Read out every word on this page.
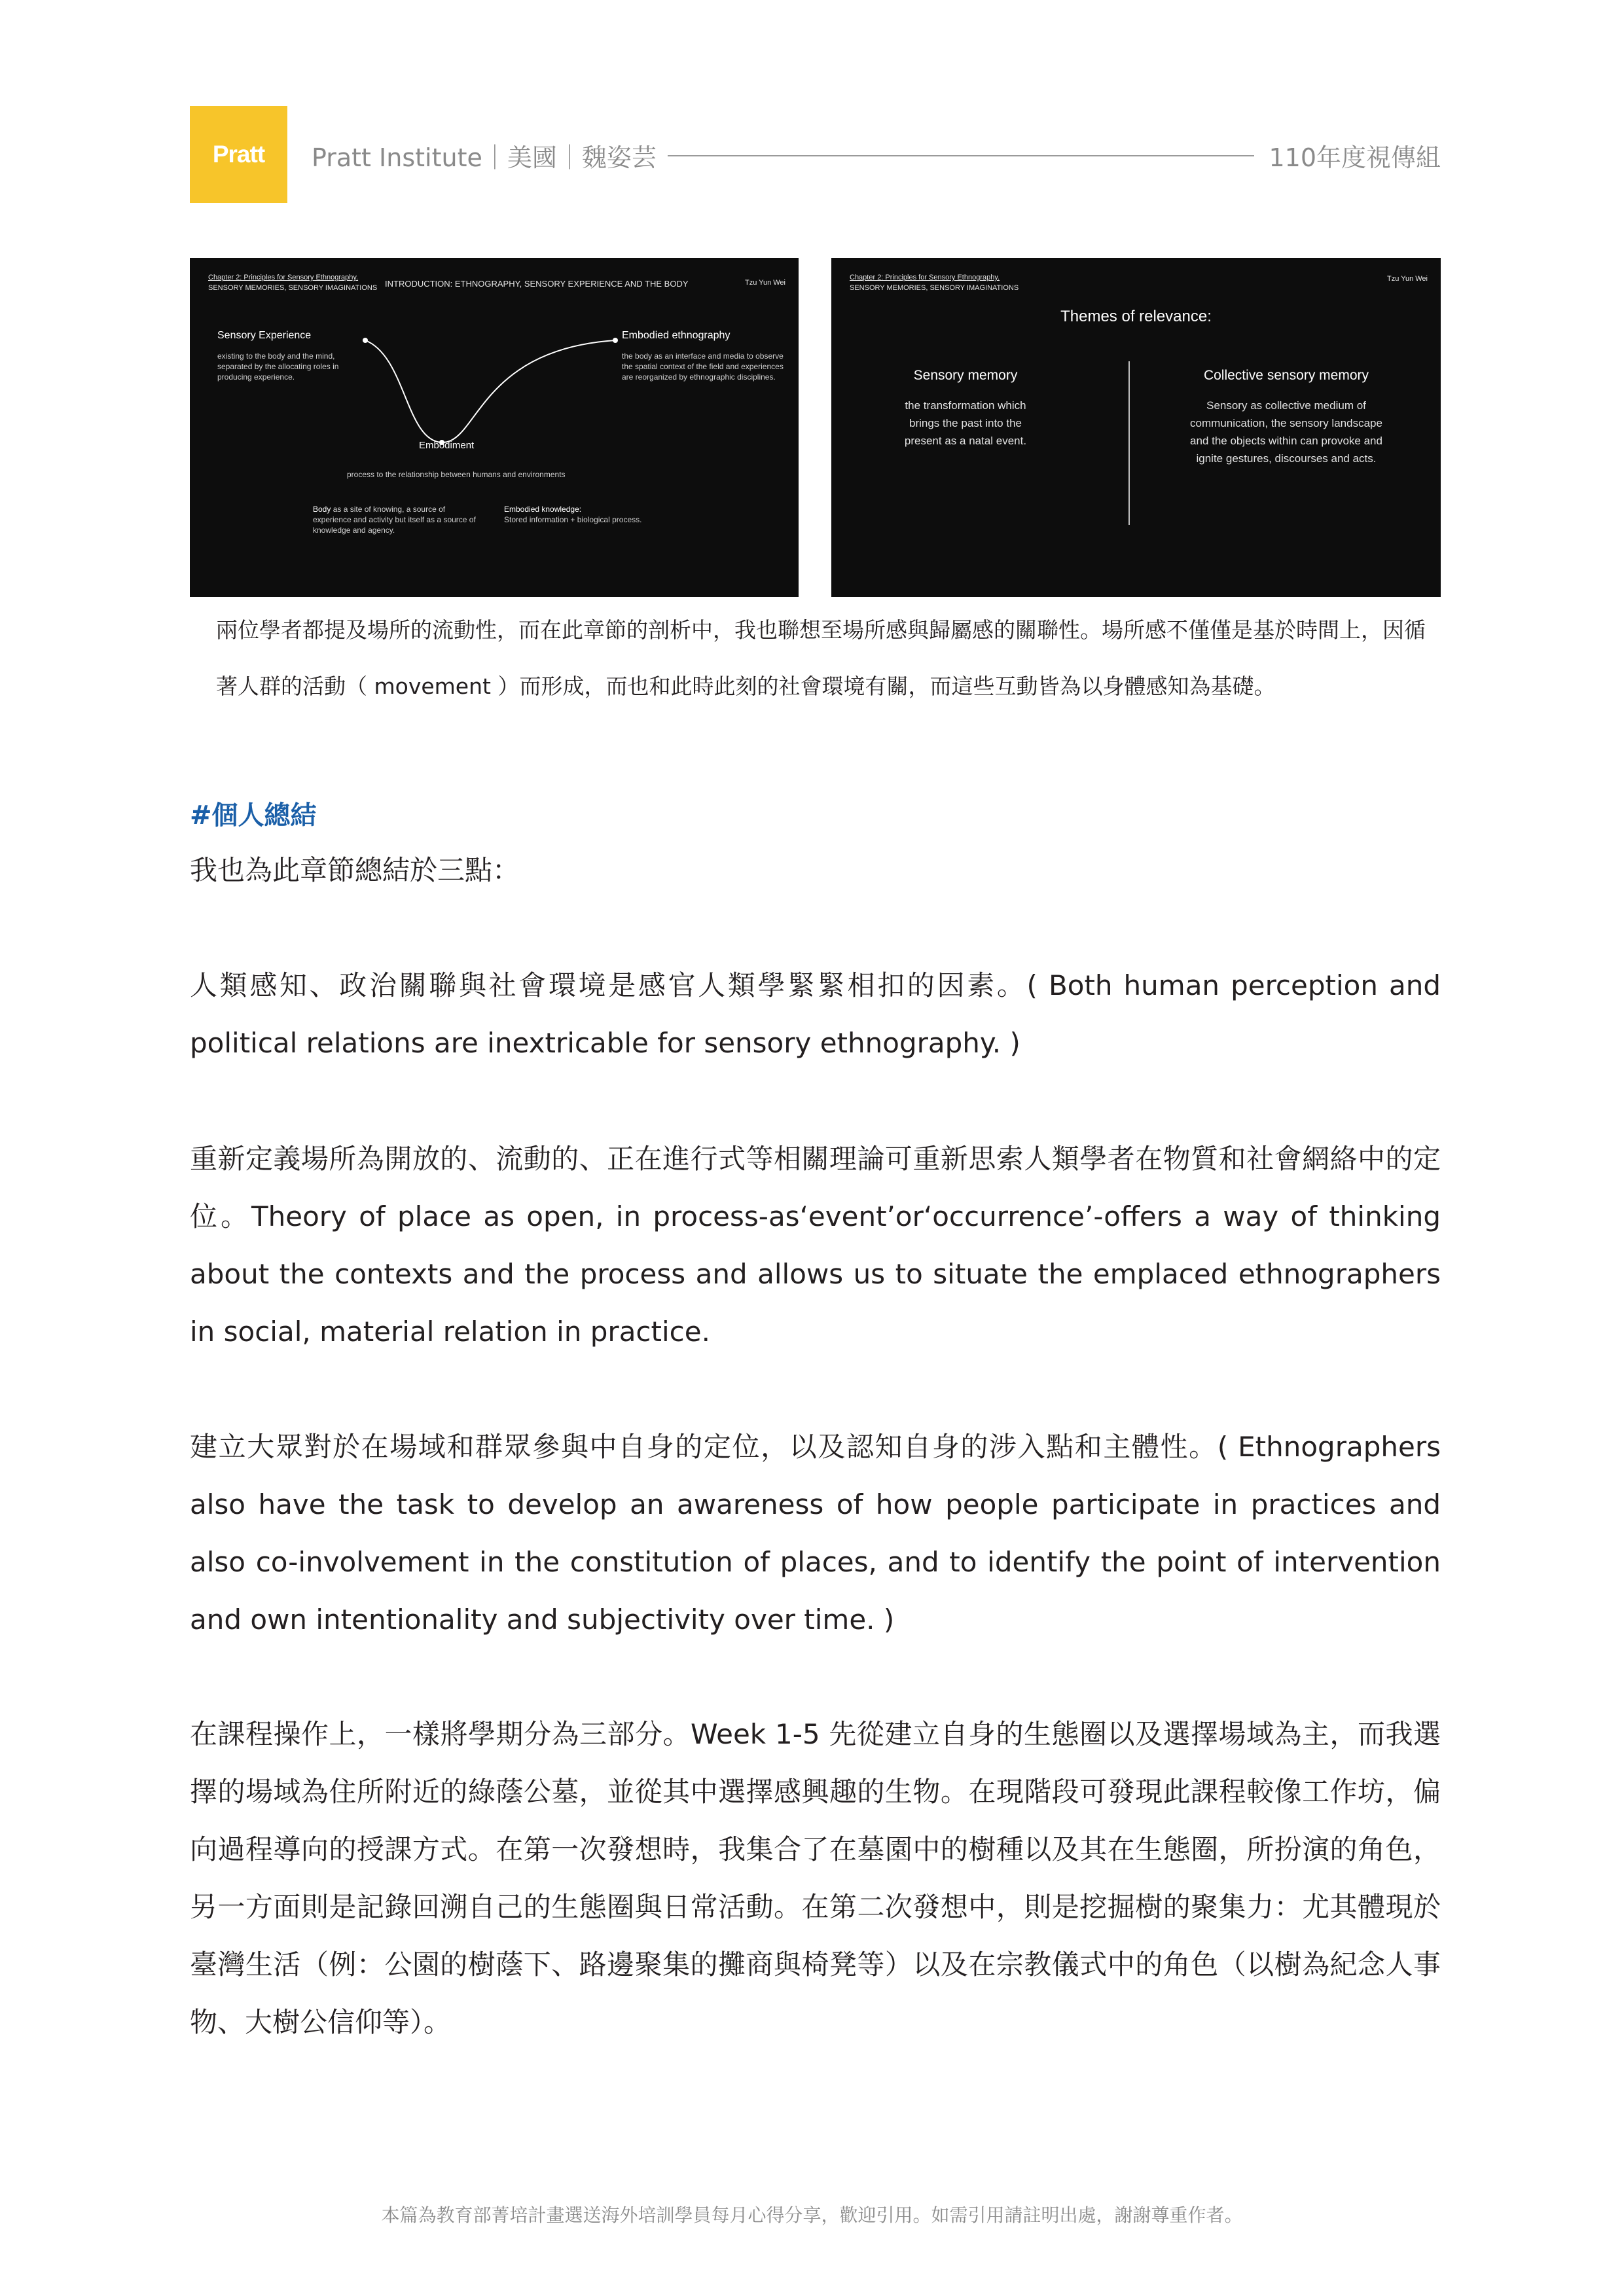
Pratt	Pratt Institute｜美國｜魏姿芸	110年度視傳組
Chapter 2: Principles for Sensory Ethnography.
SENSORY MEMORIES, SENSORY IMAGINATIONS INTRODUCTION: ETHNOGRAPHY, SENSORY EXPERIENCE AND THE BODY	Tzu Yun Wei
Sensory Experience
existing to the body and the mind, separated by the allocating roles in producing experience.
Embodied ethnography
the body as an interface and media to observe the spatial context of the field and experiences are reorganized by ethnographic disciplines.
Embodiment
process to the relationship between humans and environments
Body as a site of knowing, a source of experience and activity but itself as a source of knowledge and agency.
Embodied knowledge:
Stored information + biological process.
Chapter 2: Principles for Sensory Ethnography.
SENSORY MEMORIES, SENSORY IMAGINATIONS
Tzu Yun Wei
Themes of relevance:
Sensory memory
the transformation which brings the past into the present as a natal event.
Collective sensory memory
Sensory as collective medium of communication, the sensory landscape and the objects within can provoke and ignite gestures, discourses and acts.
兩位學者都提及場所的流動性，而在此章節的剖析中，我也聯想至場所感與歸屬感的關聯性。場所感不僅僅是基於時間上，因循著人群的活動（ movement ）而形成，而也和此時此刻的社會環境有關，而這些互動皆為以身體感知為基礎。
#個人總結

我也為此章節總結於三點：

人類感知、政治關聯與社會環境是感官人類學緊緊相扣的因素。( Both human perception and political relations are inextricable for sensory ethnography. )

重新定義場所為開放的、流動的、正在進行式等相關理論可重新思索人類學者在物質和社會網絡中的定位。Theory of place as open, in process-as‘event’or‘occurrence’-offers a way of thinking about the contexts and the process and allows us to situate the emplaced ethnographers in social, material relation in practice.

建立大眾對於在場域和群眾參與中自身的定位，以及認知自身的涉入點和主體性。( Ethnographers also have the task to develop an awareness of how people participate in practices and also co-involvement in the constitution of places, and to identify the point of intervention and own intentionality and subjectivity over time. )

在課程操作上，一樣將學期分為三部分。Week 1-5 先從建立自身的生態圈以及選擇場域為主，而我選擇的場域為住所附近的綠蔭公墓，並從其中選擇感興趣的生物。在現階段可發現此課程較像工作坊，偏向過程導向的授課方式。在第一次發想時，我集合了在墓園中的樹種以及其在生態圈，所扮演的角色，另一方面則是記錄回溯自己的生態圈與日常活動。在第二次發想中，則是挖掘樹的聚集力：尤其體現於臺灣生活（例：公園的樹蔭下、路邊聚集的攤商與椅凳等）以及在宗教儀式中的角色（以樹為紀念人事物、大樹公信仰等）。

本篇為教育部菁培計畫選送海外培訓學員每月心得分享，歡迎引用。如需引用請註明出處，謝謝尊重作者。
